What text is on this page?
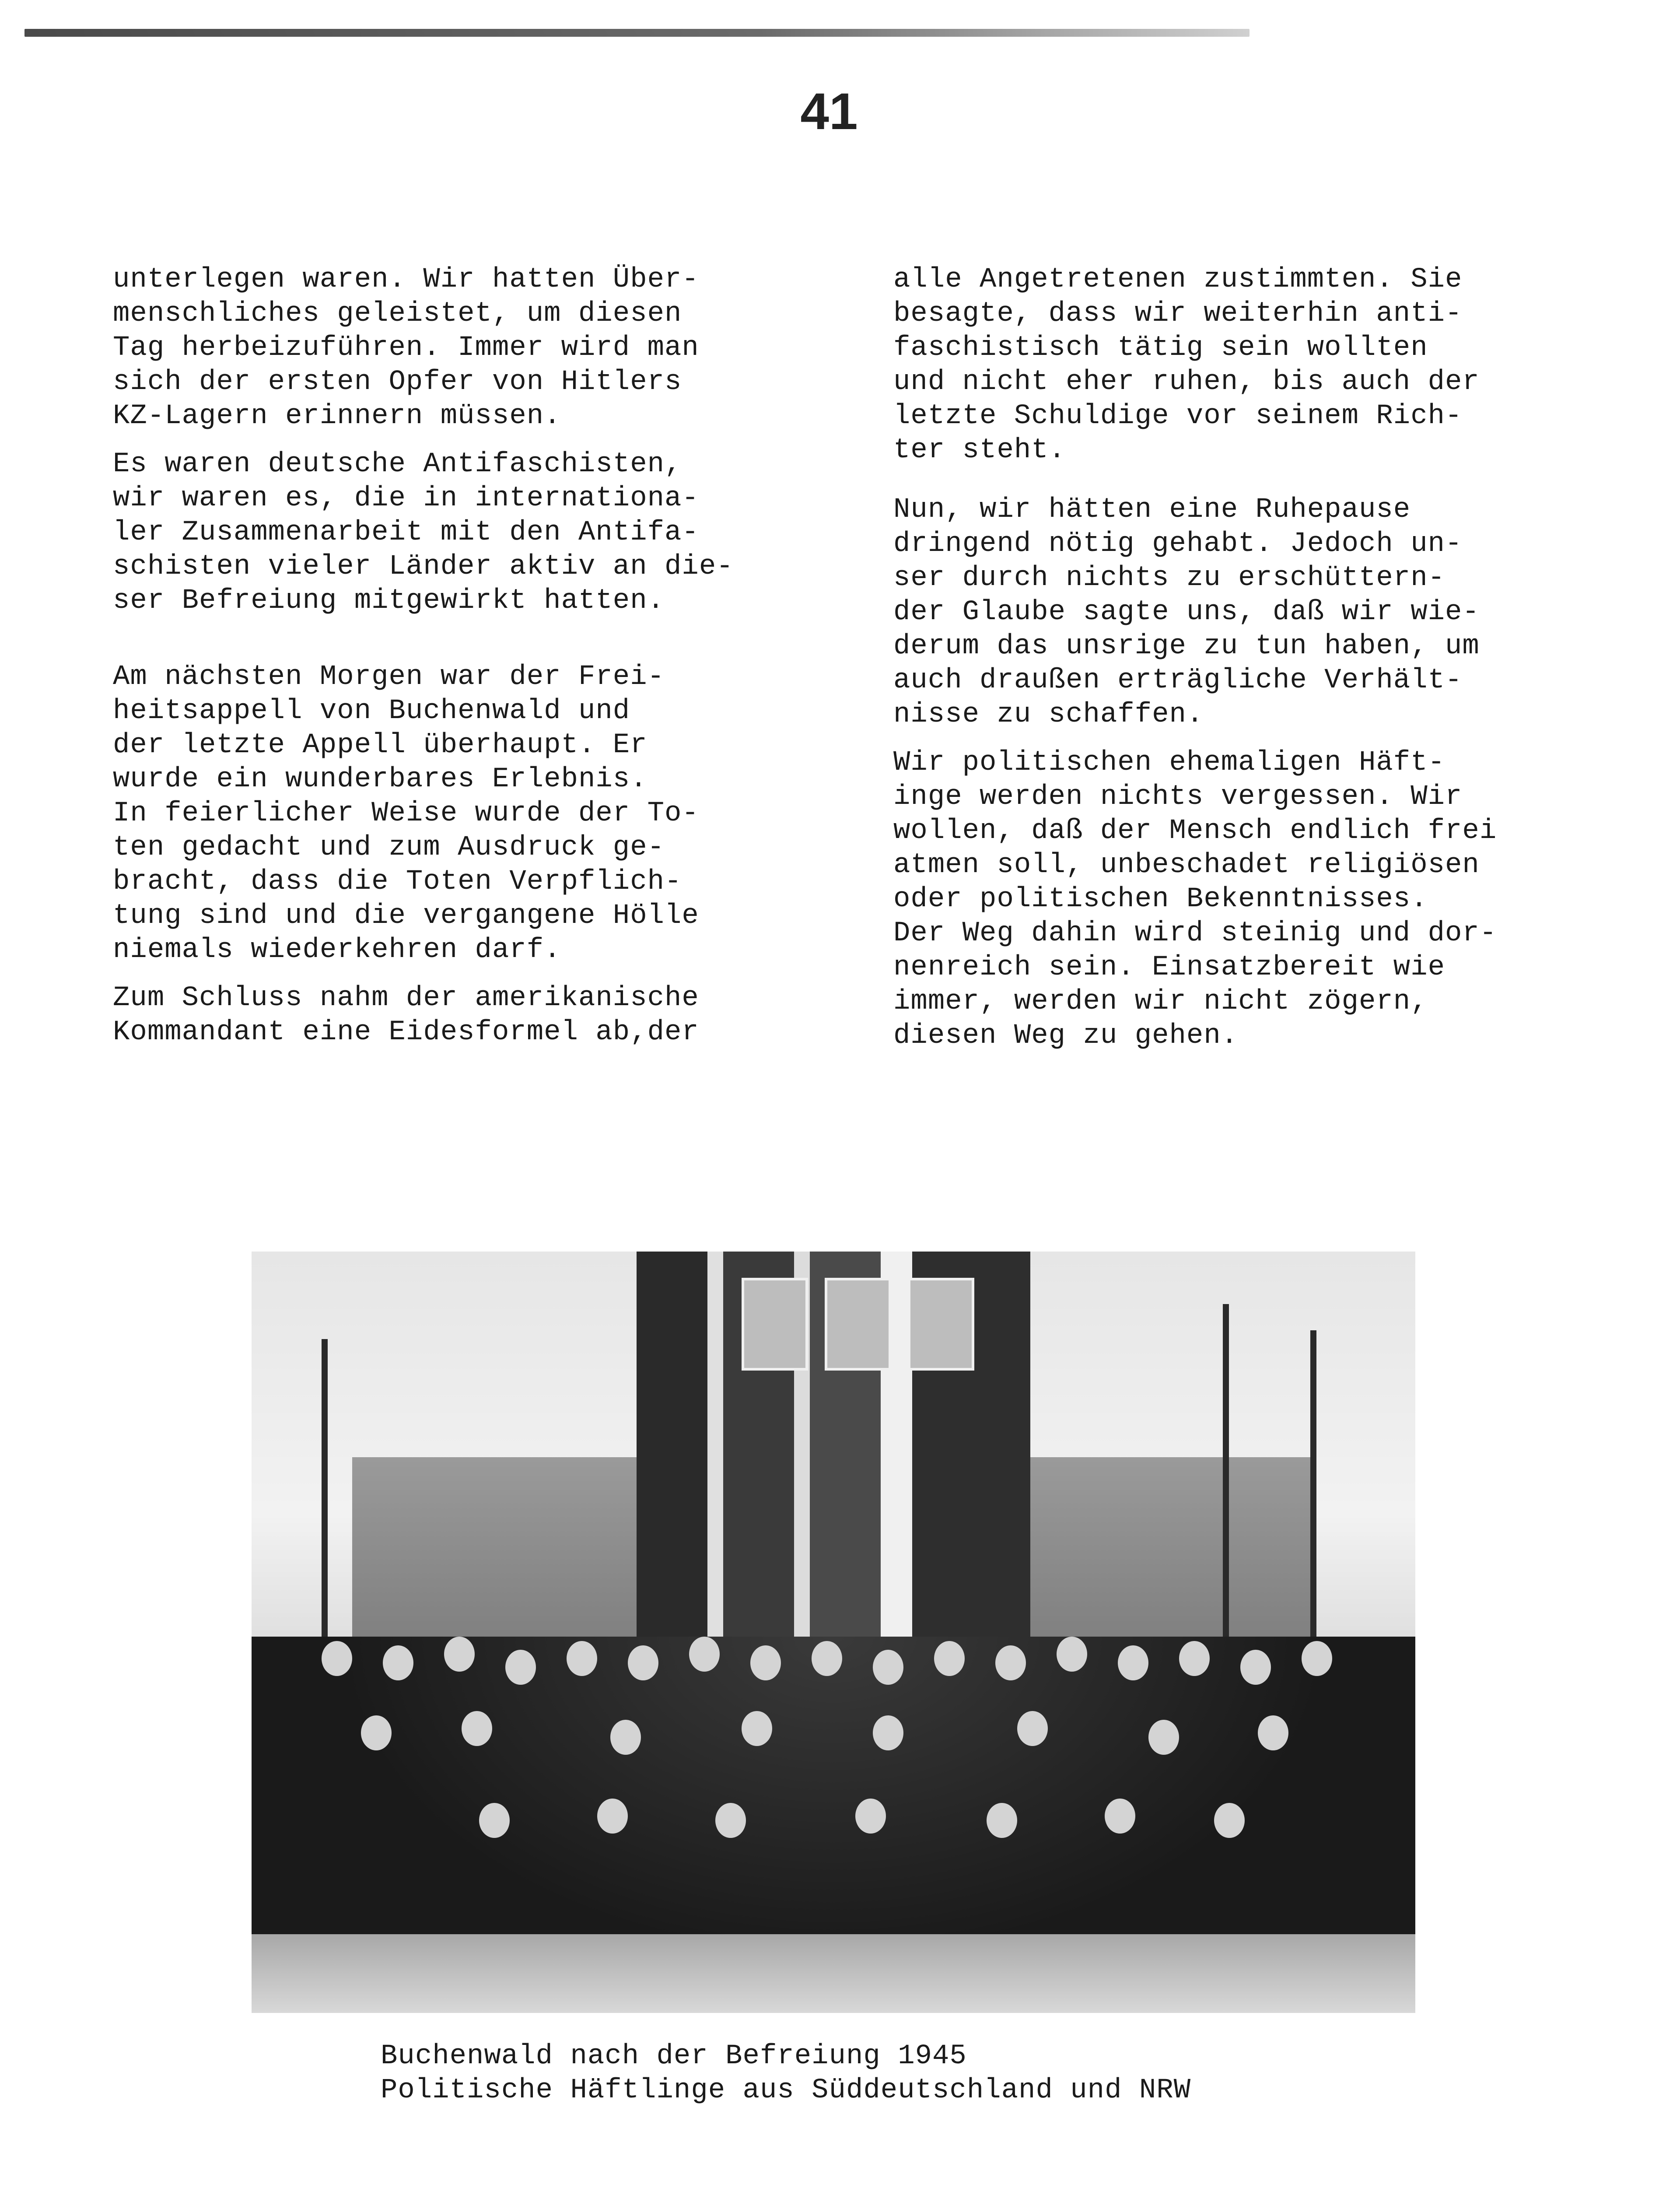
41

unterlegen waren. Wir hatten Über-
menschliches geleistet, um diesen
Tag herbeizuführen. Immer wird man
sich der ersten Opfer von Hitlers
KZ-Lagern erinnern müssen.

Es waren deutsche Antifaschisten,
wir waren es, die in internationa-
ler Zusammenarbeit mit den Antifa-
schisten vieler Länder aktiv an die-
ser Befreiung mitgewirkt hatten.

Am nächsten Morgen war der Frei-
heitsappell von Buchenwald und
der letzte Appell überhaupt. Er
wurde ein wunderbares Erlebnis.
In feierlicher Weise wurde der To-
ten gedacht und zum Ausdruck ge-
bracht, dass die Toten Verpflich-
tung sind und die vergangene Hölle
niemals wiederkehren darf.

Zum Schluss nahm der amerikanische
Kommandant eine Eidesformel ab,der

alle Angetretenen zustimmten. Sie
besagte, dass wir weiterhin anti-
faschistisch tätig sein wollten
und nicht eher ruhen, bis auch der
letzte Schuldige vor seinem Rich-
ter steht.

Nun, wir hätten eine Ruhepause
dringend nötig gehabt. Jedoch un-
ser durch nichts zu erschüttern-
der Glaube sagte uns, daß wir wie-
derum das unsrige zu tun haben, um
auch draußen erträgliche Verhält-
nisse zu schaffen.

Wir politischen ehemaligen Häft-
inge werden nichts vergessen. Wir
wollen, daß der Mensch endlich frei
atmen soll, unbeschadet religiösen
oder politischen Bekenntnisses.
Der Weg dahin wird steinig und dor-
nenreich sein. Einsatzbereit wie
immer, werden wir nicht zögern,
diesen Weg zu gehen.

Buchenwald nach der Befreiung 1945
Politische Häftlinge aus Süddeutschland und NRW
